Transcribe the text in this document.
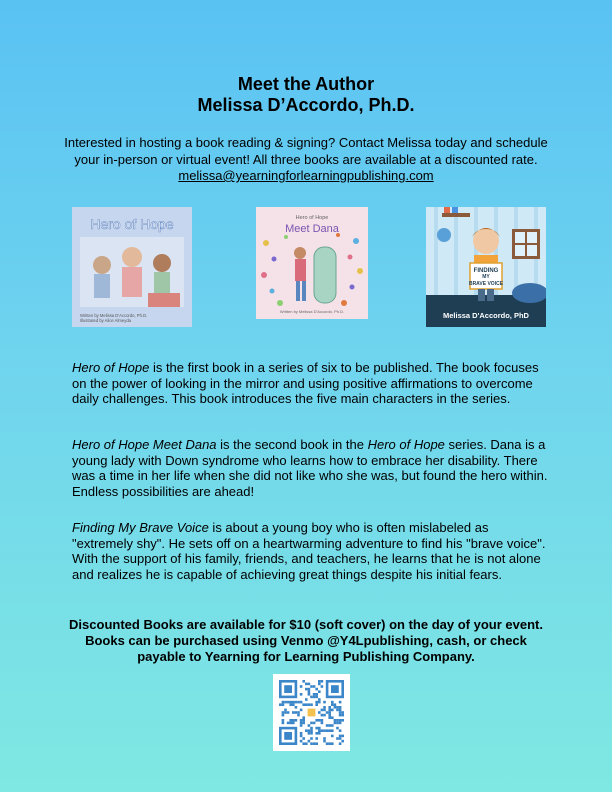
Meet the Author
Melissa D’Accordo, Ph.D.
Interested in hosting a book reading & signing? Contact Melissa today and schedule your in-person or virtual event! All three books are available at a discounted rate. melissa@yearningforlearningpublishing.com
Hero of Hope
Written by Melissa D'Accordo, Ph.D.
Illustrated by Alice Almeyda
Hero of Hope
Meet Dana
Written by Melissa D'Accordo, Ph.D.
FINDING
MY
BRAVE VOICE
Melissa D'Accordo, PhD
Hero of Hope is the first book in a series of six to be published. The book focuses on the power of looking in the mirror and using positive affirmations to overcome daily challenges. This book introduces the five main characters in the series.
Hero of Hope Meet Dana is the second book in the Hero of Hope series. Dana is a young lady with Down syndrome who learns how to embrace her disability. There was a time in her life when she did not like who she was, but found the hero within. Endless possibilities are ahead!
Finding My Brave Voice is about a young boy who is often mislabeled as "extremely shy". He sets off on a heartwarming adventure to find his "brave voice". With the support of his family, friends, and teachers, he learns that he is not alone and realizes he is capable of achieving great things despite his initial fears.
Discounted Books are available for $10 (soft cover) on the day of your event. Books can be purchased using Venmo @Y4Lpublishing, cash, or check payable to Yearning for Learning Publishing Company.
